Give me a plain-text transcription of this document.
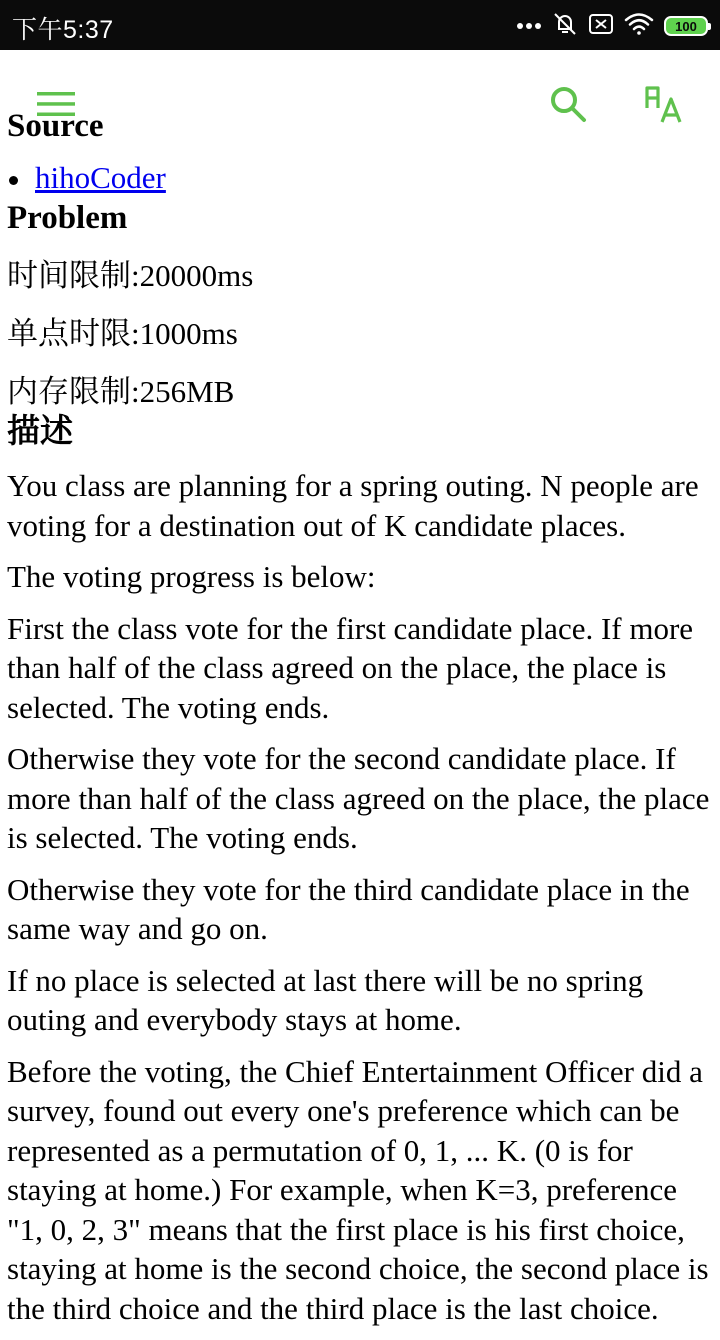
下午5:37	100
Source
hihoCoder
Problem
时间限制:20000ms
单点时限:1000ms
内存限制:256MB
描述

You class are planning for a spring outing. N people are voting for a destination out of K candidate places.

The voting progress is below:

First the class vote for the first candidate place. If more than half of the class agreed on the place, the place is selected. The voting ends.

Otherwise they vote for the second candidate place. If more than half of the class agreed on the place, the place is selected. The voting ends.

Otherwise they vote for the third candidate place in the same way and go on.

If no place is selected at last there will be no spring outing and everybody stays at home.

Before the voting, the Chief Entertainment Officer did a survey, found out every one's preference which can be represented as a permutation of 0, 1, ... K. (0 is for staying at home.) For example, when K=3, preference "1, 0, 2, 3" means that the first place is his first choice, staying at home is the second choice, the second place is the third choice and the third place is the last choice.
